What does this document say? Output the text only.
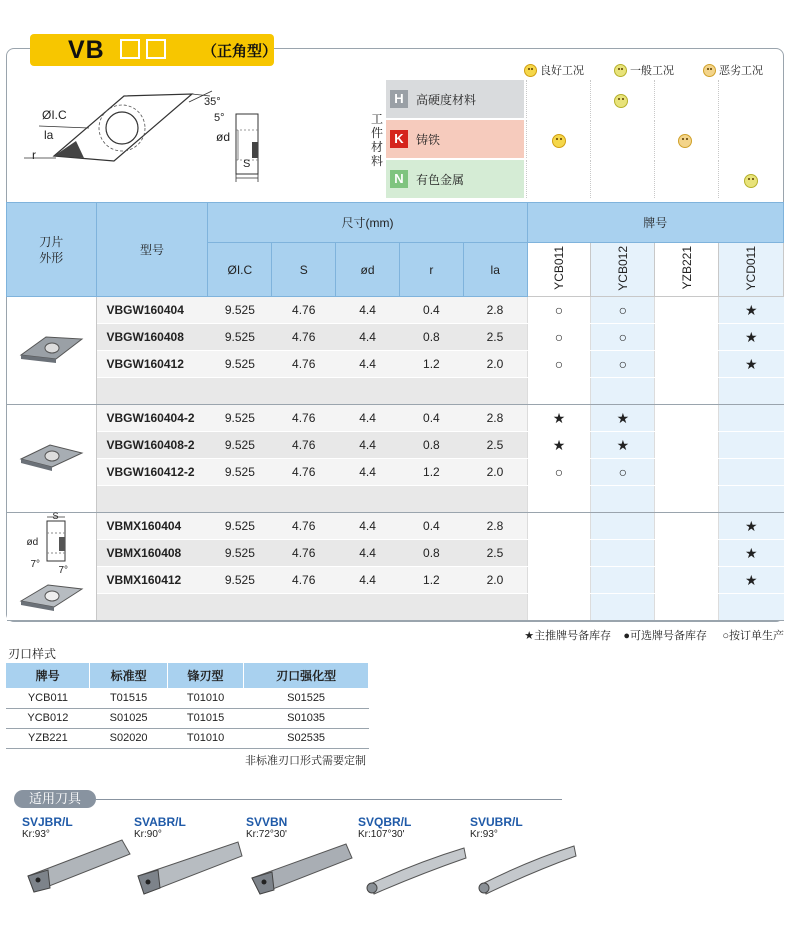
VB	（正角型）
ØI.C
la
r
35°
5°
ød
S
良好工况	一般工况	恶劣工况
工件材料
H	高硬度材料
K	铸铁
N	有色金属
刀片外形	型号	尺寸(mm)					牌号			
		ØI.C	S	ød	r	la	YCB011	YCB012	YZB221	YCD011
	VBGW160404	9.525	4.76	4.4	0.4	2.8	○	○		★
	VBGW160408	9.525	4.76	4.4	0.8	2.5	○	○		★
	VBGW160412	9.525	4.76	4.4	1.2	2.0	○	○		★

	VBGW160404-2	9.525	4.76	4.4	0.4	2.8	★	★		
	VBGW160408-2	9.525	4.76	4.4	0.8	2.5	★	★		
	VBGW160412-2	9.525	4.76	4.4	1.2	2.0	○	○		

S
ød
7°
7°	VBMX160404	9.525	4.76	4.4	0.4	2.8				★
	VBMX160408	9.525	4.76	4.4	0.8	2.5				★
	VBMX160412	9.525	4.76	4.4	1.2	2.0				★

★主推牌号备库存 ●可选牌号备库存 ○按订单生产
刃口样式
牌号	标准型	锋刃型	刃口强化型
YCB011	T01515	T01010	S01525
YCB012	S01025	T01015	S01035
YZB221	S02020	T01010	S02535
非标准刃口形式需要定制
适用刀具
SVJBR/L
Kr:93°
SVABR/L
Kr:90°
SVVBN
Kr:72°30'
SVQBR/L
Kr:107°30'
SVUBR/L
Kr:93°
